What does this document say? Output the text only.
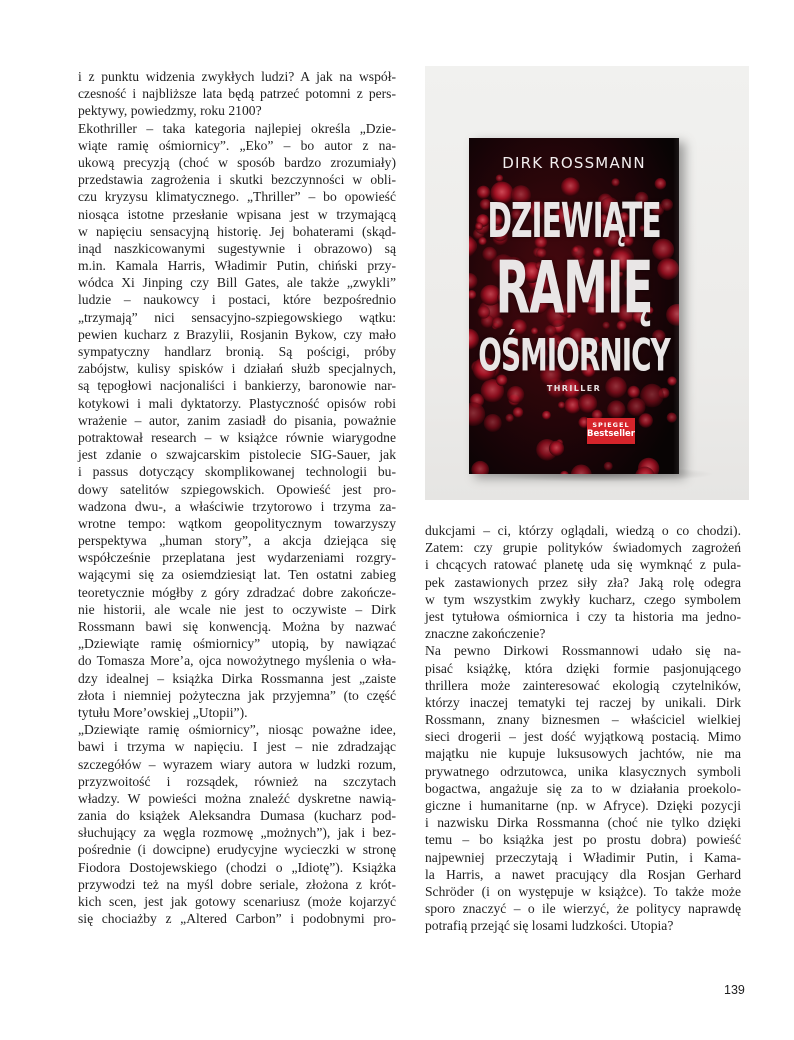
i z punktu widzenia zwykłych ludzi? A jak na współ-
czesność i najbliższe lata będą patrzeć potomni z pers-
pektywy, powiedzmy, roku 2100?
Ekothriller – taka kategoria najlepiej określa „Dzie-
wiąte ramię ośmiornicy”. „Eko” – bo autor z na-
ukową precyzją (choć w sposób bardzo zrozumiały)
przedstawia zagrożenia i skutki bezczynności w obli-
czu kryzysu klimatycznego. „Thriller” – bo opowieść
niosąca istotne przesłanie wpisana jest w trzymającą
w napięciu sensacyjną historię. Jej bohaterami (skąd-
inąd naszkicowanymi sugestywnie i obrazowo) są
m.in. Kamala Harris, Władimir Putin, chiński przy-
wódca Xi Jinping czy Bill Gates, ale także „zwykli”
ludzie – naukowcy i postaci, które bezpośrednio
„trzymają” nici sensacyjno-szpiegowskiego wątku:
pewien kucharz z Brazylii, Rosjanin Bykow, czy mało
sympatyczny handlarz bronią. Są pościgi, próby
zabójstw, kulisy spisków i działań służb specjalnych,
są tępogłowi nacjonaliści i bankierzy, baronowie nar-
kotykowi i mali dyktatorzy. Plastyczność opisów robi
wrażenie – autor, zanim zasiadł do pisania, poważnie
potraktował research – w książce równie wiarygodne
jest zdanie o szwajcarskim pistolecie SIG-Sauer, jak
i passus dotyczący skomplikowanej technologii bu-
dowy satelitów szpiegowskich. Opowieść jest pro-
wadzona dwu-, a właściwie trzytorowo i trzyma za-
wrotne tempo: wątkom geopolitycznym towarzyszy
perspektywa „human story”, a akcja dziejąca się
współcześnie przeplatana jest wydarzeniami rozgry-
wającymi się za osiemdziesiąt lat. Ten ostatni zabieg
teoretycznie mógłby z góry zdradzać dobre zakończe-
nie historii, ale wcale nie jest to oczywiste – Dirk
Rossmann bawi się konwencją. Można by nazwać
„Dziewiąte ramię ośmiornicy” utopią, by nawiązać
do Tomasza More’a, ojca nowożytnego myślenia o wła-
dzy idealnej – książka Dirka Rossmanna jest „zaiste
złota i niemniej pożyteczna jak przyjemna” (to część
tytułu More’owskiej „Utopii”).
„Dziewiąte ramię ośmiornicy”, niosąc poważne idee,
bawi i trzyma w napięciu. I jest – nie zdradzając
szczegółów – wyrazem wiary autora w ludzki rozum,
przyzwoitość i rozsądek, również na szczytach
władzy. W powieści można znaleźć dyskretne nawią-
zania do książek Aleksandra Dumasa (kucharz pod-
słuchujący za węgla rozmowę „możnych”), jak i bez-
pośrednie (i dowcipne) erudycyjne wycieczki w stronę
Fiodora Dostojewskiego (chodzi o „Idiotę”). Książka
przywodzi też na myśl dobre seriale, złożona z krót-
kich scen, jest jak gotowy scenariusz (może kojarzyć
się chociażby z „Altered Carbon” i podobnymi pro-
DIRK ROSSMANN
DZIEWIĄTE
RAMIĘ
OŚMIORNICY
THRILLER
SPIEGEL
Bestseller
dukcjami – ci, którzy oglądali, wiedzą o co chodzi).
Zatem: czy grupie polityków świadomych zagrożeń
i chcących ratować planetę uda się wymknąć z pula-
pek zastawionych przez siły zła? Jaką rolę odegra
w tym wszystkim zwykły kucharz, czego symbolem
jest tytułowa ośmiornica i czy ta historia ma jedno-
znaczne zakończenie?
Na pewno Dirkowi Rossmannowi udało się na-
pisać książkę, która dzięki formie pasjonującego
thrillera może zainteresować ekologią czytelników,
którzy inaczej tematyki tej raczej by unikali. Dirk
Rossmann, znany biznesmen – właściciel wielkiej
sieci drogerii – jest dość wyjątkową postacią. Mimo
majątku nie kupuje luksusowych jachtów, nie ma
prywatnego odrzutowca, unika klasycznych symboli
bogactwa, angażuje się za to w działania proekolo-
giczne i humanitarne (np. w Afryce). Dzięki pozycji
i nazwisku Dirka Rossmanna (choć nie tylko dzięki
temu – bo książka jest po prostu dobra) powieść
najpewniej przeczytają i Władimir Putin, i Kama-
la Harris, a nawet pracujący dla Rosjan Gerhard
Schröder (i on występuje w książce). To także może
sporo znaczyć – o ile wierzyć, że politycy naprawdę
potrafią przejąć się losami ludzkości. Utopia?
139
